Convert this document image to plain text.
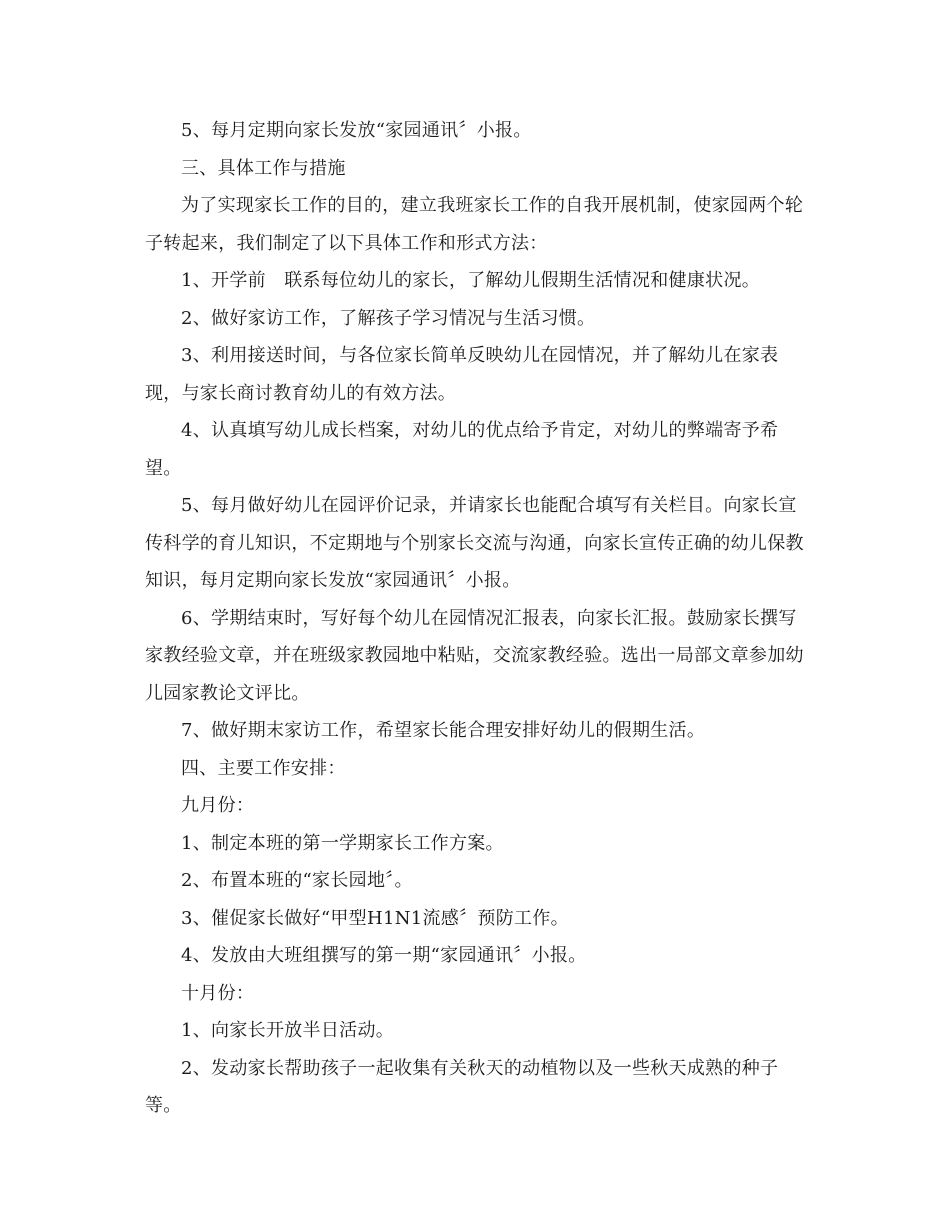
5、每月定期向家长发放“家园通讯〞小报。

三、具体工作与措施

为了实现家长工作的目的，建立我班家长工作的自我开展机制，使家园两个轮子转起来，我们制定了以下具体工作和形式方法：

1、开学前　联系每位幼儿的家长，了解幼儿假期生活情况和健康状况。

2、做好家访工作，了解孩子学习情况与生活习惯。

3、利用接送时间，与各位家长简单反映幼儿在园情况，并了解幼儿在家表现，与家长商讨教育幼儿的有效方法。

4、认真填写幼儿成长档案，对幼儿的优点给予肯定，对幼儿的弊端寄予希望。

5、每月做好幼儿在园评价记录，并请家长也能配合填写有关栏目。向家长宣传科学的育儿知识，不定期地与个别家长交流与沟通，向家长宣传正确的幼儿保教知识，每月定期向家长发放“家园通讯〞小报。

6、学期结束时，写好每个幼儿在园情况汇报表，向家长汇报。鼓励家长撰写家教经验文章，并在班级家教园地中粘贴，交流家教经验。选出一局部文章参加幼儿园家教论文评比。

7、做好期末家访工作，希望家长能合理安排好幼儿的假期生活。

四、主要工作安排：

九月份：

1、制定本班的第一学期家长工作方案。

2、布置本班的“家长园地〞。

3、催促家长做好“甲型H1N1流感〞预防工作。

4、发放由大班组撰写的第一期“家园通讯〞小报。

十月份：

1、向家长开放半日活动。

2、发动家长帮助孩子一起收集有关秋天的动植物以及一些秋天成熟的种子等。
